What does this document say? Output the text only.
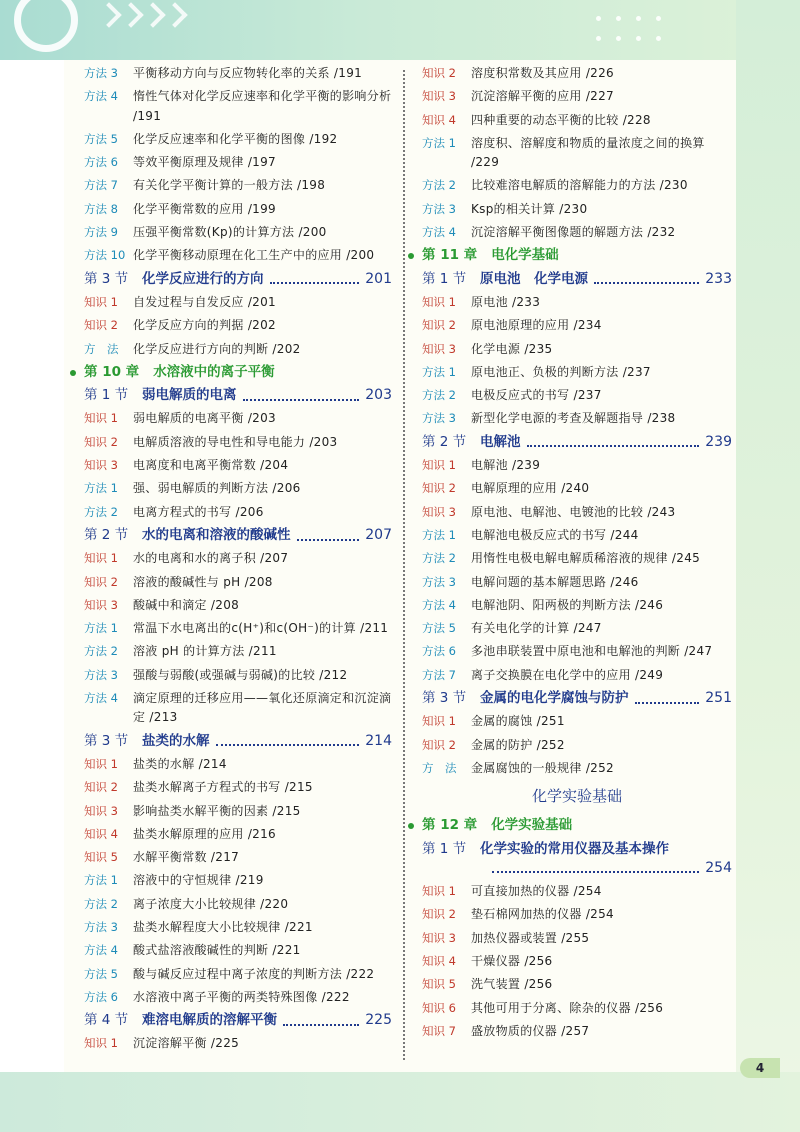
方法 3	平衡移动方向与反应物转化率的关系 /191
方法 4	惰性气体对化学反应速率和化学平衡的影响分析 /191
方法 5	化学反应速率和化学平衡的图像 /192
方法 6	等效平衡原理及规律 /197
方法 7	有关化学平衡计算的一般方法 /198
方法 8	化学平衡常数的应用 /199
方法 9	压强平衡常数(Kp)的计算方法 /200
方法 10 化学平衡移动原理在化工生产中的应用 /200
第 3 节	化学反应进行的方向	201
知识 1	自发过程与自发反应 /201
知识 2	化学反应方向的判据 /202
方　法	化学反应进行方向的判断 /202
第 10 章 水溶液中的离子平衡
第 1 节	弱电解质的电离	203
知识 1	弱电解质的电离平衡 /203
知识 2	电解质溶液的导电性和导电能力 /203
知识 3	电离度和电离平衡常数 /204
方法 1	强、弱电解质的判断方法 /206
方法 2	电离方程式的书写 /206
第 2 节	水的电离和溶液的酸碱性	207
知识 1	水的电离和水的离子积 /207
知识 2	溶液的酸碱性与 pH /208
知识 3	酸碱中和滴定 /208
方法 1	常温下水电离出的c(H⁺)和c(OH⁻)的计算 /211
方法 2	溶液 pH 的计算方法 /211
方法 3	强酸与弱酸(或强碱与弱碱)的比较 /212
方法 4	滴定原理的迁移应用——氧化还原滴定和沉淀滴定 /213
第 3 节	盐类的水解	214
知识 1	盐类的水解 /214
知识 2	盐类水解离子方程式的书写 /215
知识 3	影响盐类水解平衡的因素 /215
知识 4	盐类水解原理的应用 /216
知识 5	水解平衡常数 /217
方法 1	溶液中的守恒规律 /219
方法 2	离子浓度大小比较规律 /220
方法 3	盐类水解程度大小比较规律 /221
方法 4	酸式盐溶液酸碱性的判断 /221
方法 5	酸与碱反应过程中离子浓度的判断方法 /222
方法 6	水溶液中离子平衡的两类特殊图像 /222
第 4 节	难溶电解质的溶解平衡	225
知识 1	沉淀溶解平衡 /225
知识 2	溶度积常数及其应用 /226
知识 3	沉淀溶解平衡的应用 /227
知识 4	四种重要的动态平衡的比较 /228
方法 1	溶度积、溶解度和物质的量浓度之间的换算 /229
方法 2	比较难溶电解质的溶解能力的方法 /230
方法 3	Ksp的相关计算 /230
方法 4	沉淀溶解平衡图像题的解题方法 /232
第 11 章 电化学基础
第 1 节	原电池　化学电源	233
知识 1	原电池 /233
知识 2	原电池原理的应用 /234
知识 3	化学电源 /235
方法 1	原电池正、负极的判断方法 /237
方法 2	电极反应式的书写 /237
方法 3	新型化学电源的考查及解题指导 /238
第 2 节	电解池	239
知识 1	电解池 /239
知识 2	电解原理的应用 /240
知识 3	原电池、电解池、电镀池的比较 /243
方法 1	电解池电极反应式的书写 /244
方法 2	用惰性电极电解电解质稀溶液的规律 /245
方法 3	电解问题的基本解题思路 /246
方法 4	电解池阴、阳两极的判断方法 /246
方法 5	有关电化学的计算 /247
方法 6	多池串联装置中原电池和电解池的判断 /247
方法 7	离子交换膜在电化学中的应用 /249
第 3 节	金属的电化学腐蚀与防护	251
知识 1	金属的腐蚀 /251
知识 2	金属的防护 /252
方　法	金属腐蚀的一般规律 /252
化学实验基础
第 12 章 化学实验基础
第 1 节	化学实验的常用仪器及基本操作
254
知识 1	可直接加热的仪器 /254
知识 2	垫石棉网加热的仪器 /254
知识 3	加热仪器或装置 /255
知识 4	干燥仪器 /256
知识 5	洗气装置 /256
知识 6	其他可用于分离、除杂的仪器 /256
知识 7	盛放物质的仪器 /257
4
